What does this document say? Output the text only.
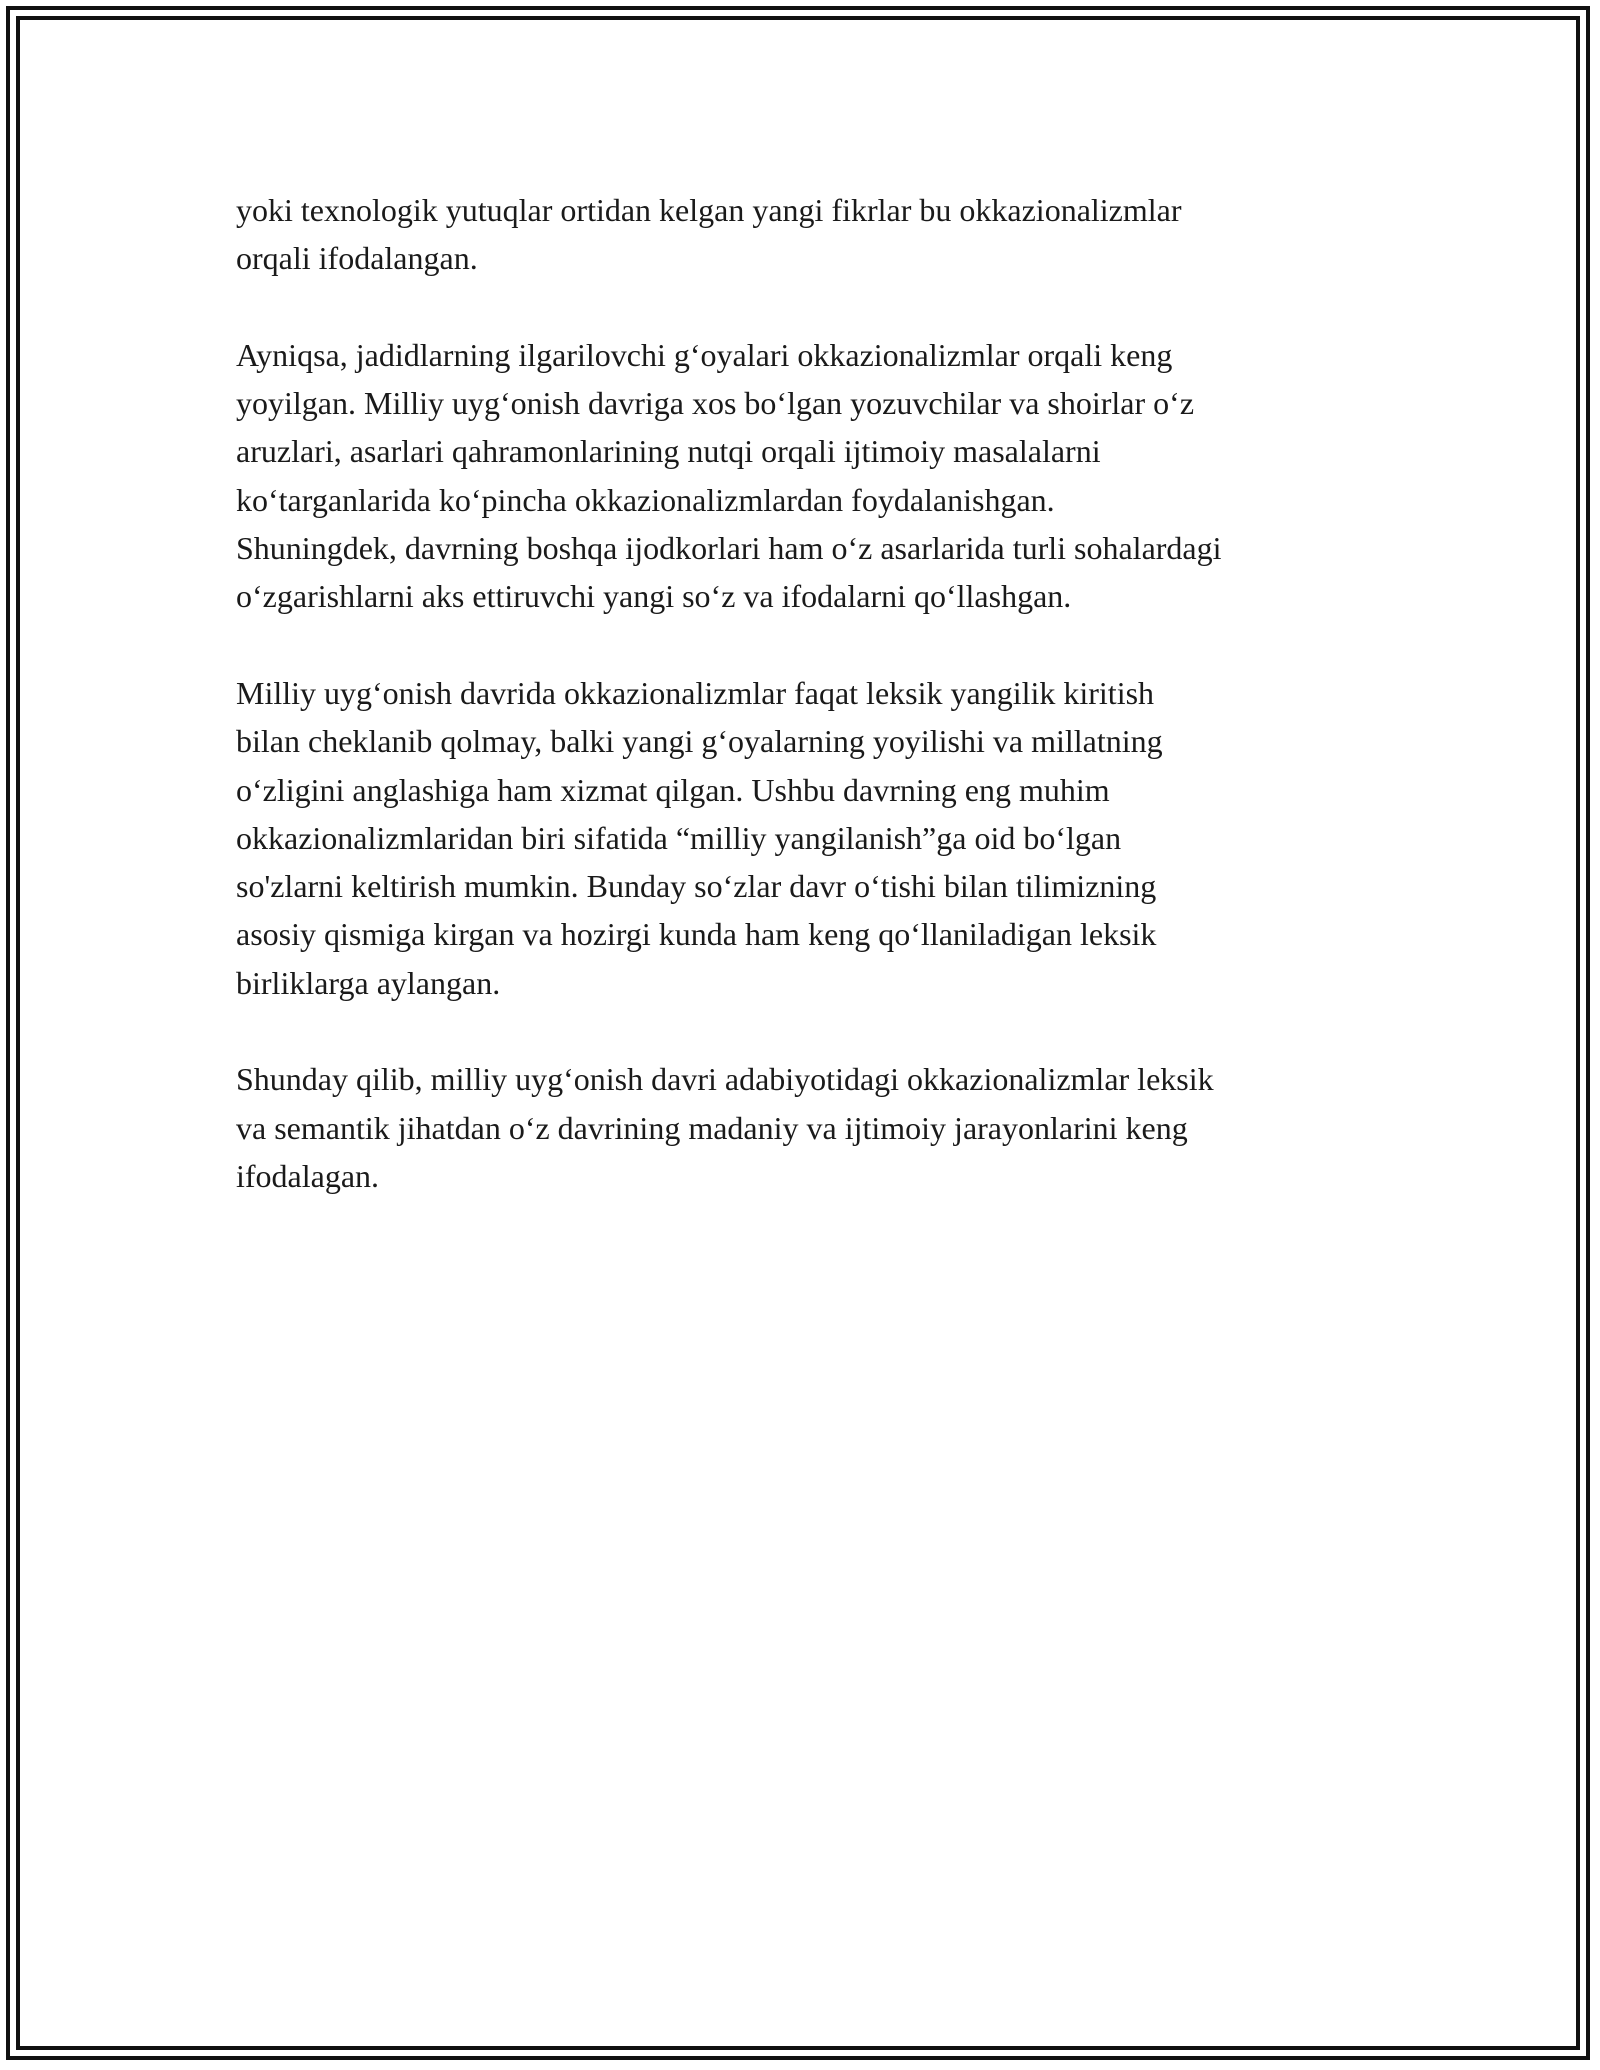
yoki texnologik yutuqlar ortidan kelgan yangi fikrlar bu okkazionalizmlar
orqali ifodalangan.

Ayniqsa, jadidlarning ilgarilovchi g‘oyalari okkazionalizmlar orqali keng
yoyilgan. Milliy uyg‘onish davriga xos bo‘lgan yozuvchilar va shoirlar o‘z
aruzlari, asarlari qahramonlarining nutqi orqali ijtimoiy masalalarni
ko‘targanlarida ko‘pincha okkazionalizmlardan foydalanishgan.
Shuningdek, davrning boshqa ijodkorlari ham o‘z asarlarida turli sohalardagi
o‘zgarishlarni aks ettiruvchi yangi so‘z va ifodalarni qo‘llashgan.

Milliy uyg‘onish davrida okkazionalizmlar faqat leksik yangilik kiritish
bilan cheklanib qolmay, balki yangi g‘oyalarning yoyilishi va millatning
o‘zligini anglashiga ham xizmat qilgan. Ushbu davrning eng muhim
okkazionalizmlaridan biri sifatida “milliy yangilanish”ga oid bo‘lgan
so'zlarni keltirish mumkin. Bunday so‘zlar davr o‘tishi bilan tilimizning
asosiy qismiga kirgan va hozirgi kunda ham keng qo‘llaniladigan leksik
birliklarga aylangan.

Shunday qilib, milliy uyg‘onish davri adabiyotidagi okkazionalizmlar leksik
va semantik jihatdan o‘z davrining madaniy va ijtimoiy jarayonlarini keng
ifodalagan.
